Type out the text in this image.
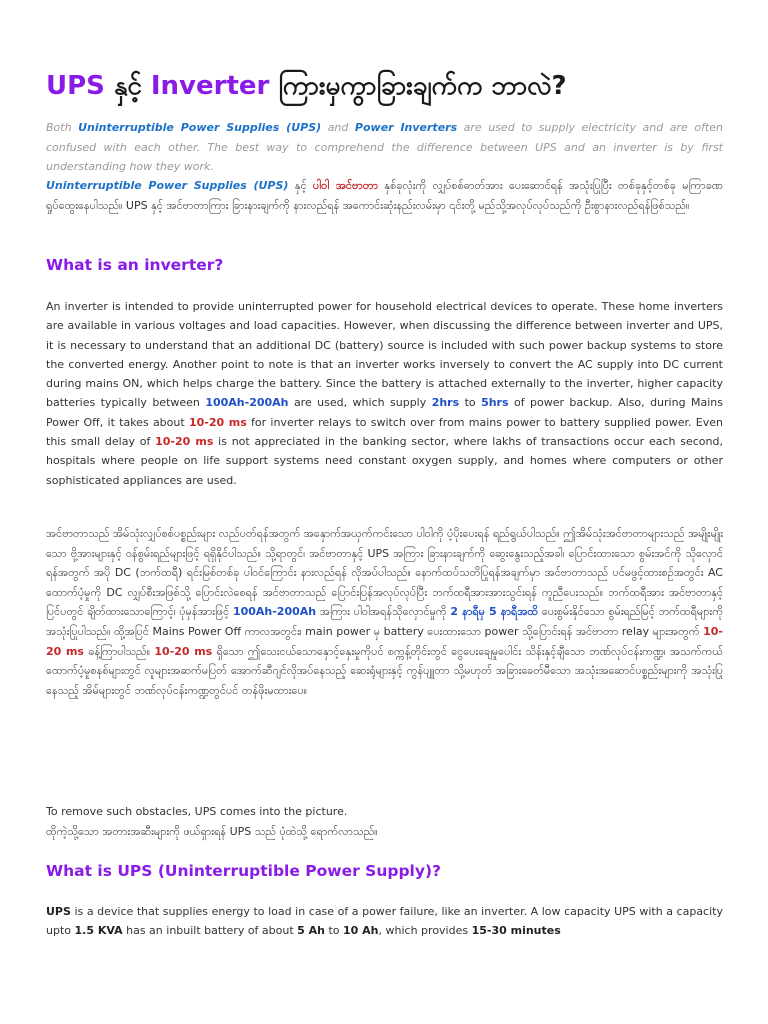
UPS နှင့် Inverter ကြားမှကွာခြားချက်က ဘာလဲ?
Both Uninterruptible Power Supplies (UPS) and Power Inverters are used to supply electricity and are often confused with each other. The best way to comprehend the difference between UPS and an inverter is by first understanding how they work.
Uninterruptible Power Supplies (UPS) နှင့် ပါဝါ အင်ဗာတာ နှစ်ခုလုံးကို လျှပ်စစ်ဓာတ်အား ပေးဆောင်ရန် အသုံးပြုပြီး တစ်ခုနှင့်တစ်ခု မကြာခဏ ရှုပ်ထွေးနေပါသည်။ UPS နှင့် အင်ဗာတာကြား ခြားနားချက်ကို နားလည်ရန် အကောင်းဆုံးနည်းလမ်းမှာ ၎င်းတို့ မည်သို့အလုပ်လုပ်သည်ကို ဦးစွာနားလည်ရန်ဖြစ်သည်။
What is an inverter?
An inverter is intended to provide uninterrupted power for household electrical devices to operate. These home inverters are available in various voltages and load capacities. However, when discussing the difference between inverter and UPS, it is necessary to understand that an additional DC (battery) source is included with such power backup systems to store the converted energy. Another point to note is that an inverter works inversely to convert the AC supply into DC current during mains ON, which helps charge the battery. Since the battery is attached externally to the inverter, higher capacity batteries typically between 100Ah-200Ah are used, which supply 2hrs to 5hrs of power backup. Also, during Mains Power Off, it takes about 10-20 ms for inverter relays to switch over from mains power to battery supplied power. Even this small delay of 10-20 ms is not appreciated in the banking sector, where lakhs of transactions occur each second, hospitals where people on life support systems need constant oxygen supply, and homes where computers or other sophisticated appliances are used.
အင်ဗာတာသည် အိမ်သုံးလျှပ်စစ်ပစ္စည်းများ လည်ပတ်ရန်အတွက် အနှောက်အယှက်ကင်းသော ပါဝါကို ပံ့ပိုးပေးရန် ရည်ရွယ်ပါသည်။ ဤအိမ်သုံးအင်ဗာတာများသည် အမျိုးမျိုးသော ဗို့အားများနှင့် ဝန်စွမ်းရည်များဖြင့် ရရှိနိုင်ပါသည်။ သို့ရာတွင်၊ အင်ဗာတာနှင့် UPS အကြား ခြားနားချက်ကို ဆွေးနွေးသည့်အခါ၊ ပြောင်းထားသော စွမ်းအင်ကို သိုလှောင်ရန်အတွက် အပို DC (ဘက်ထရီ) ရင်းမြစ်တစ်ခု ပါဝင်ကြောင်း နားလည်ရန် လိုအပ်ပါသည်။ နောက်ထပ်သတိပြုရန်အချက်မှာ အင်ဗာတာသည် ပင်မဖွင့်ထားစဉ်အတွင်း AC ထောက်ပံ့မှုကို DC လျှပ်စီးအဖြစ်သို့ ပြောင်းလဲစေရန် အင်ဗာတာသည် ပြောင်းပြန်အလုပ်လုပ်ပြီး ဘက်ထရီအားအားသွင်းရန် ကူညီပေးသည်။ ဘက်ထရီအား အင်ဗာတာနှင့် ပြင်ပတွင် ချိတ်ထားသောကြောင့်၊ ပုံမှန်အားဖြင့် 100Ah-200Ah အကြား ပါဝါအရန်သိုလှောင်မှုကို 2 နာရီမှ 5 နာရီအထိ ပေးစွမ်းနိုင်သော စွမ်းရည်မြင့် ဘက်ထရီများကို အသုံးပြုပါသည်။ ထို့အပြင် Mains Power Off ကာလအတွင်း၊ main power မှ battery ပေးထားသော power သို့ပြောင်းရန် အင်ဗာတာ relay များအတွက် 10-20 ms ခန့်ကြာပါသည်။ 10-20 ms ရှိသော ဤသေးငယ်သောနှောင့်နှေးမှုကိုပင် စက္ကန့်တိုင်းတွင် ငွေပေးချေမှုပေါင်း သိန်းနှင့်ချီသော ဘဏ်လုပ်ငန်းကဏ္ဍ၊ အသက်ကယ်ထောက်ပံ့မှုစနစ်များတွင် လူများအဆက်မပြတ် အောက်ဆီဂျင်လိုအပ်နေသည့် ဆေးရုံများနှင့် ကွန်ပျူတာ သို့မဟုတ် အခြားခေတ်မီသော အသုံးအဆောင်ပစ္စည်းများကို အသုံးပြုနေသည့် အိမ်များတွင် ဘဏ်လုပ်ငန်းကဏ္ဍတွင်ပင် တန်ဖိုးမထားပေ။
To remove such obstacles, UPS comes into the picture.
ထိုကဲ့သို့သော အတားအဆီးများကို ဖယ်ရှားရန် UPS သည် ပုံထဲသို့ ရောက်လာသည်။
What is UPS (Uninterruptible Power Supply)?
UPS is a device that supplies energy to load in case of a power failure, like an inverter. A low capacity UPS with a capacity upto 1.5 KVA has an inbuilt battery of about 5 Ah to 10 Ah, which provides 15-30 minutes
